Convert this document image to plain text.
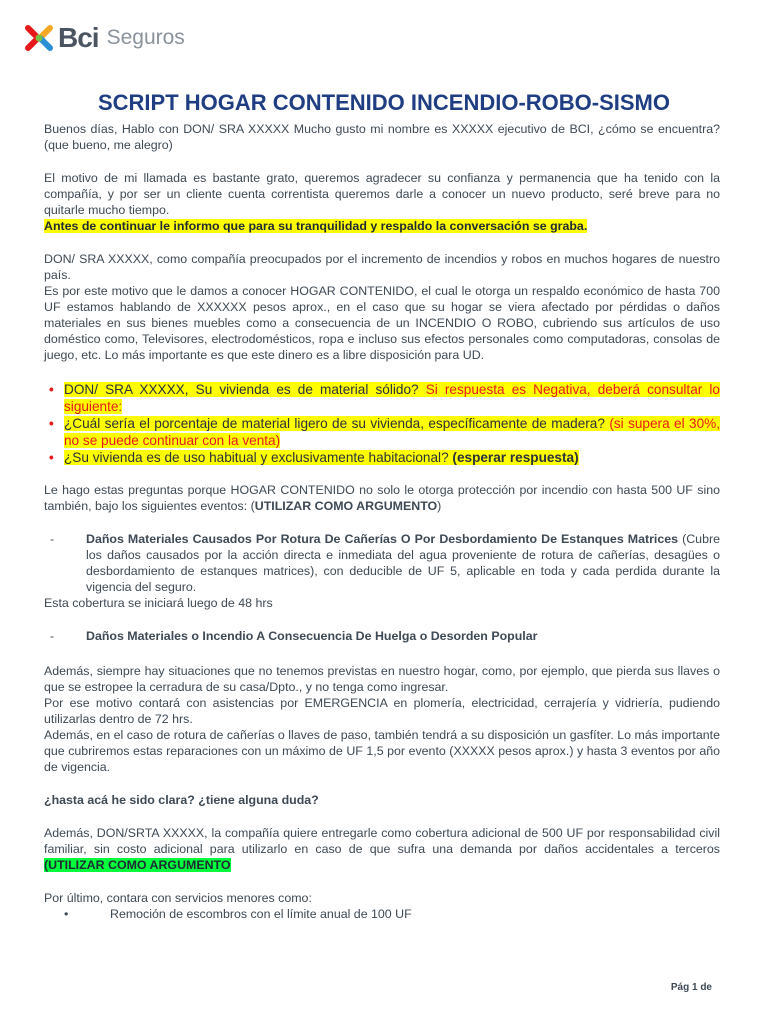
Bci Seguros
SCRIPT HOGAR CONTENIDO INCENDIO-ROBO-SISMO

Buenos días, Hablo con DON/ SRA XXXXX Mucho gusto mi nombre es XXXXX ejecutivo de BCI, ¿cómo se encuentra? (que bueno, me alegro)

El motivo de mi llamada es bastante grato, queremos agradecer su confianza y permanencia que ha tenido con la compañía, y por ser un cliente cuenta correntista queremos darle a conocer un nuevo producto, seré breve para no quitarle mucho tiempo.
Antes de continuar le informo que para su tranquilidad y respaldo la conversación se graba.

DON/ SRA XXXXX, como compañía preocupados por el incremento de incendios y robos en muchos hogares de nuestro país.

Es por este motivo que le damos a conocer HOGAR CONTENIDO, el cual le otorga un respaldo económico de hasta 700 UF estamos hablando de XXXXXX pesos aprox., en el caso que su hogar se viera afectado por pérdidas o daños materiales en sus bienes muebles como a consecuencia de un INCENDIO O ROBO, cubriendo sus artículos de uso doméstico como, Televisores, electrodomésticos, ropa e incluso sus efectos personales como computadoras, consolas de juego, etc. Lo más importante es que este dinero es a libre disposición para UD.

• DON/ SRA XXXXX, Su vivienda es de material sólido? Si respuesta es Negativa, deberá consultar lo siguiente:
• ¿Cuál sería el porcentaje de material ligero de su vivienda, específicamente de madera? (si supera el 30%, no se puede continuar con la venta)
• ¿Su vivienda es de uso habitual y exclusivamente habitacional? (esperar respuesta)

Le hago estas preguntas porque HOGAR CONTENIDO no solo le otorga protección por incendio con hasta 500 UF sino también, bajo los siguientes eventos: (UTILIZAR COMO ARGUMENTO)

-	Daños Materiales Causados Por Rotura De Cañerías O Por Desbordamiento De Estanques Matrices (Cubre los daños causados por la acción directa e inmediata del agua proveniente de rotura de cañerías, desagües o desbordamiento de estanques matrices), con deducible de UF 5, aplicable en toda y cada perdida durante la vigencia del seguro.

Esta cobertura se iniciará luego de 48 hrs

-	Daños Materiales o Incendio A Consecuencia De Huelga o Desorden Popular

Además, siempre hay situaciones que no tenemos previstas en nuestro hogar, como, por ejemplo, que pierda sus llaves o que se estropee la cerradura de su casa/Dpto., y no tenga como ingresar.

Por ese motivo contará con asistencias por EMERGENCIA en plomería, electricidad, cerrajería y vidriería, pudiendo utilizarlas dentro de 72 hrs.

Además, en el caso de rotura de cañerías o llaves de paso, también tendrá a su disposición un gasfíter. Lo más importante que cubriremos estas reparaciones con un máximo de UF 1,5 por evento (XXXXX pesos aprox.) y hasta 3 eventos por año de vigencia.

¿hasta acá he sido clara? ¿tiene alguna duda?

Además, DON/SRTA XXXXX, la compañía quiere entregarle como cobertura adicional de 500 UF por responsabilidad civil familiar, sin costo adicional para utilizarlo en caso de que sufra una demanda por daños accidentales a terceros (UTILIZAR COMO ARGUMENTO

Por último, contara con servicios menores como:

•	Remoción de escombros con el límite anual de 100 UF

Pág 1 de
